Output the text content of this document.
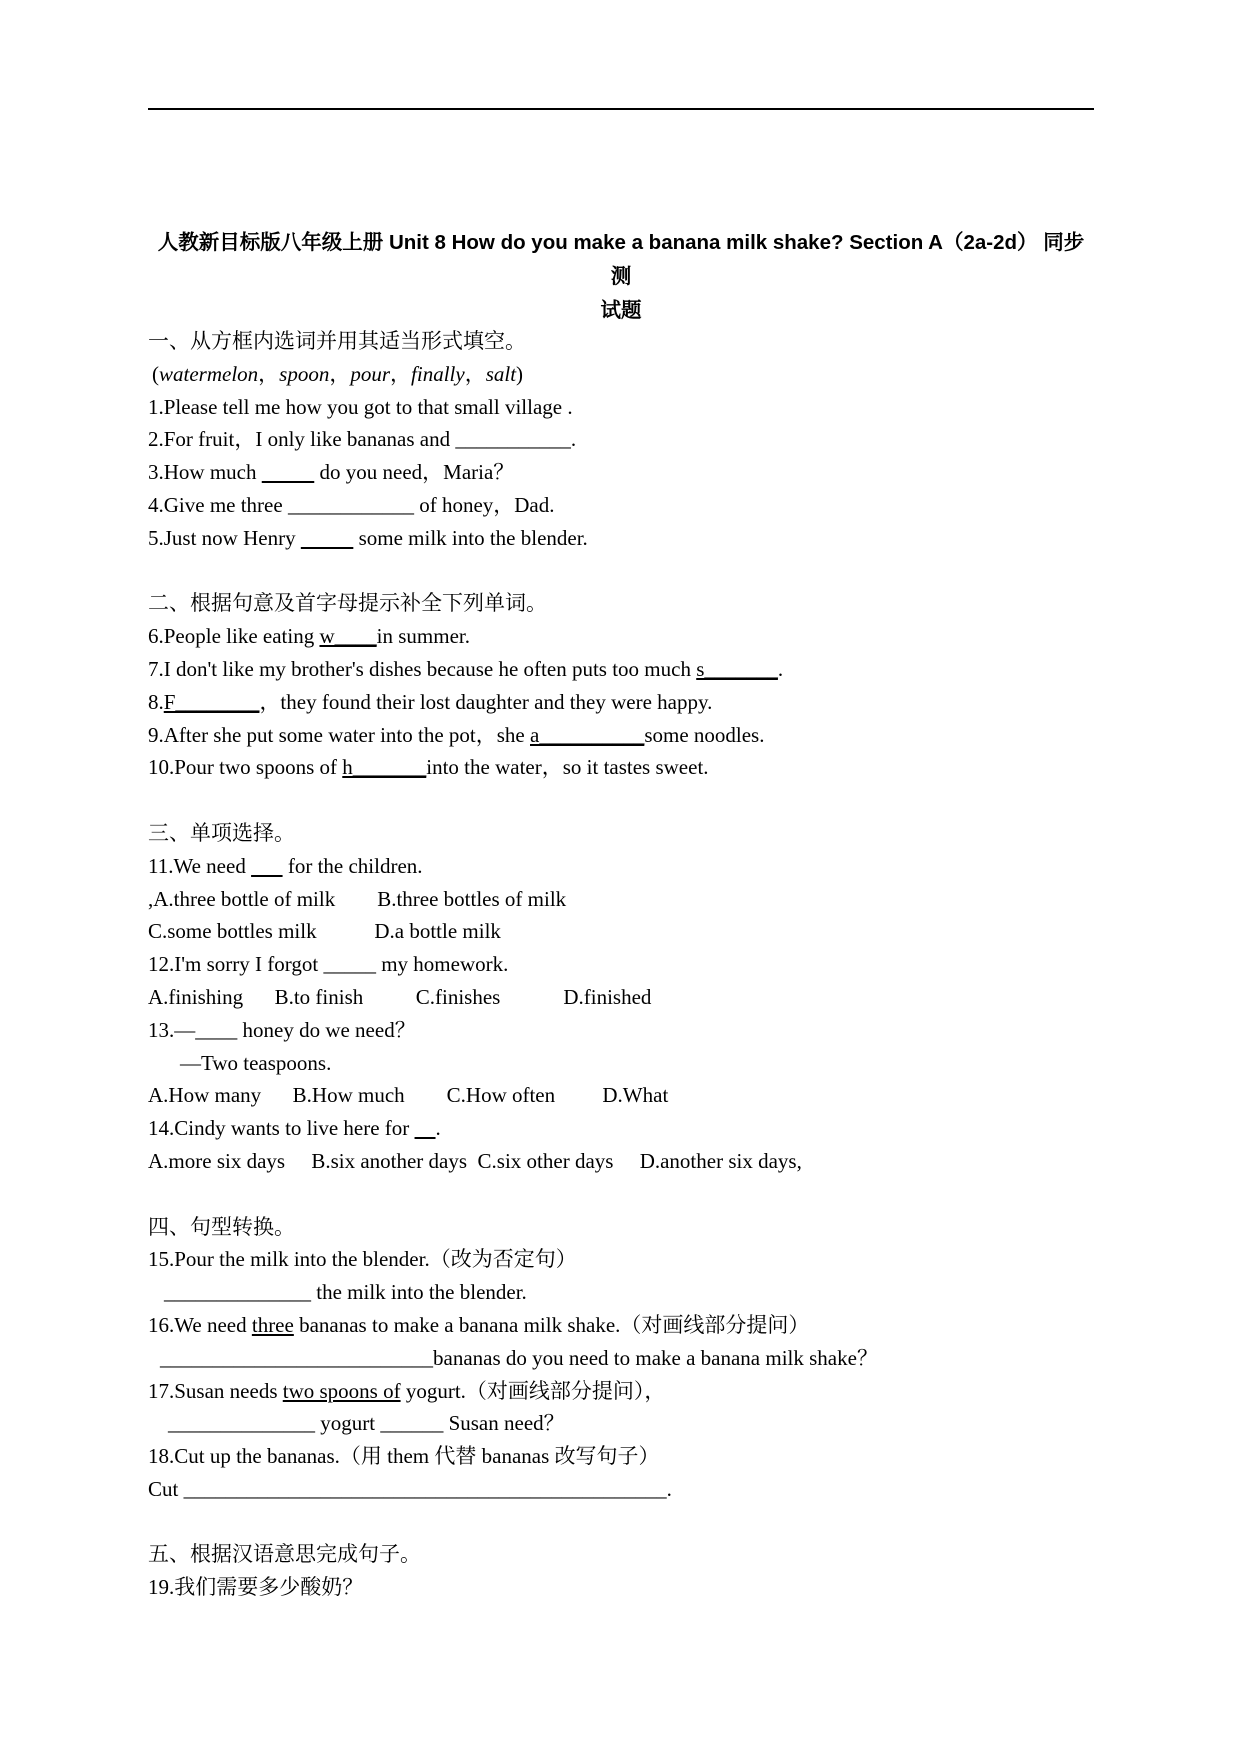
人教新目标版八年级上册 Unit 8 How do you make a banana milk shake? Section A（2a-2d） 同步测
试题
一、从方框内选词并用其适当形式填空。
(watermelon，spoon，pour，finally，salt)
1.Please tell me how you got to that small village .
2.For fruit，I only like bananas and ___________.
3.How much	do you need，Maria？
4.Give me three ____________ of honey，Dad.
5.Just now Henry	some milk into the blender.
二、根据句意及首字母提示补全下列单词。
6.People like eating w____in summer.
7.I don't like my brother's dishes because he often puts too much s_______.
8.F________，they found their lost daughter and they were happy.
9.After she put some water into the pot，she a__________some noodles.
10.Pour two spoons of h_______into the water，so it tastes sweet.
三、单项选择。
11.We need        for the children.
,A.three bottle of milk        B.three bottles of milk
C.some bottles milk           D.a bottle milk
12.I'm sorry I forgot _____ my homework.
A.finishing      B.to finish          C.finishes            D.finished
13.—____ honey do we need？
—Two teaspoons.
A.How many      B.How much        C.How often         D.What
14.Cindy wants to live here for     .
A.more six days     B.six another days  C.six other days     D.another six days,
四、句型转换。
15.Pour the milk into the blender.（改为否定句）
______________ the milk into the blender.
16.We need three bananas to make a banana milk shake.（对画线部分提问）
__________________________bananas do you need to make a banana milk shake？
17.Susan needs two spoons of yogurt.（对画线部分提问），
______________ yogurt ______ Susan need？
18.Cut up the bananas.（用 them 代替 bananas 改写句子）
Cut ______________________________________________.
五、根据汉语意思完成句子。
19.我们需要多少酸奶？
